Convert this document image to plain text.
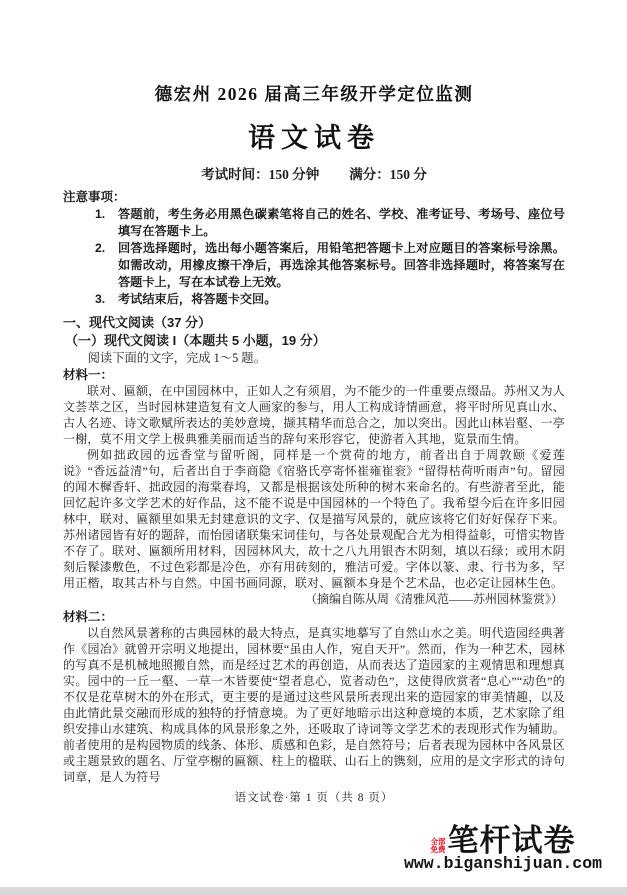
德宏州 2026 届高三年级开学定位监测
语文试卷
考试时间：150 分钟 满分：150 分
注意事项：
1.	答题前，考生务必用黑色碳素笔将自己的姓名、学校、准考证号、考场号、座位号填写在答题卡上。
2.	回答选择题时，选出每小题答案后，用铅笔把答题卡上对应题目的答案标号涂黑。如需改动，用橡皮擦干净后，再选涂其他答案标号。回答非选择题时，将答案写在答题卡上，写在本试卷上无效。
3.	考试结束后，将答题卡交回。
一、现代文阅读（37 分）
（一）现代文阅读 I（本题共 5 小题，19 分）

阅读下面的文字，完成 1～5 题。

材料一：

联对、匾额，在中国园林中，正如人之有须眉，为不能少的一件重要点缀品。苏州又为人文荟萃之区，当时园林建造复有文人画家的参与，用人工构成诗情画意，将平时所见真山水、古人名迹、诗文歌赋所表达的美妙意境，撷其精华而总合之，加以突出。因此山林岩壑、一亭一榭，莫不用文学上极典雅美丽而适当的辞句来形容它，使游者入其地，览景而生情。

例如拙政园的远香堂与留听阁，同样是一个赏荷的地方，前者出自于周敦颐《爱莲说》“香远益清”句，后者出自于李商隐《宿骆氏亭寄怀崔雍崔衮》“留得枯荷听雨声”句。留园的闻木樨香轩、拙政园的海棠春坞，又都是根据该处所种的树木来命名的。有些游者至此，能回忆起许多文学艺术的好作品，这不能不说是中国园林的一个特色了。我希望今后在许多旧园林中，联对、匾额里如果无封建意识的文字、仅是描写风景的，就应该将它们好好保存下来。苏州诸园皆有好的题辞，而怡园诸联集宋词佳句，与各处景观配合尤为相得益彰，可惜实物皆不存了。联对、匾额所用材料，因园林风大，故十之八九用银杏木阴刻，填以石绿；或用木阴刻后髹漆敷色，不过色彩都是冷色，亦有用砖刻的，雅洁可爱。字体以篆、隶、行书为多，罕用正楷，取其古朴与自然。中国书画同源，联对、匾额本身是个艺术品，也必定让园林生色。

（摘编自陈从周《清雅风范——苏州园林鉴赏》）

材料二：

以自然风景著称的古典园林的最大特点，是真实地摹写了自然山水之美。明代造园经典著作《园冶》就曾开宗明义地提出，园林要“虽由人作，宛自天开”。然而，作为一种艺术，园林的写真不是机械地照搬自然，而是经过艺术的再创造，从而表达了造园家的主观情思和理想真实。园中的一丘一壑、一草一木皆要使“望者息心，览者动色”，这使得欣赏者“息心”“动色”的不仅是花草树木的外在形式，更主要的是通过这些风景所表现出来的造园家的审美情趣，以及由此情此景交融而形成的独特的抒情意境。为了更好地暗示出这种意境的本质，艺术家除了组织安排山水建筑、构成具体的风景形象之外，还吸取了诗词等文学艺术的表现形式作为辅助。前者使用的是构园物质的线条、体形、质感和色彩，是自然符号；后者表现为园林中各风景区或主题景致的题名、厅堂亭榭的匾额、柱上的楹联、山石上的镌刻，应用的是文字形式的诗句词章，是人为符号

语文试卷·第 1 页（共 8 页）
全部免费 笔杆试卷
www.biganshijuan.com
